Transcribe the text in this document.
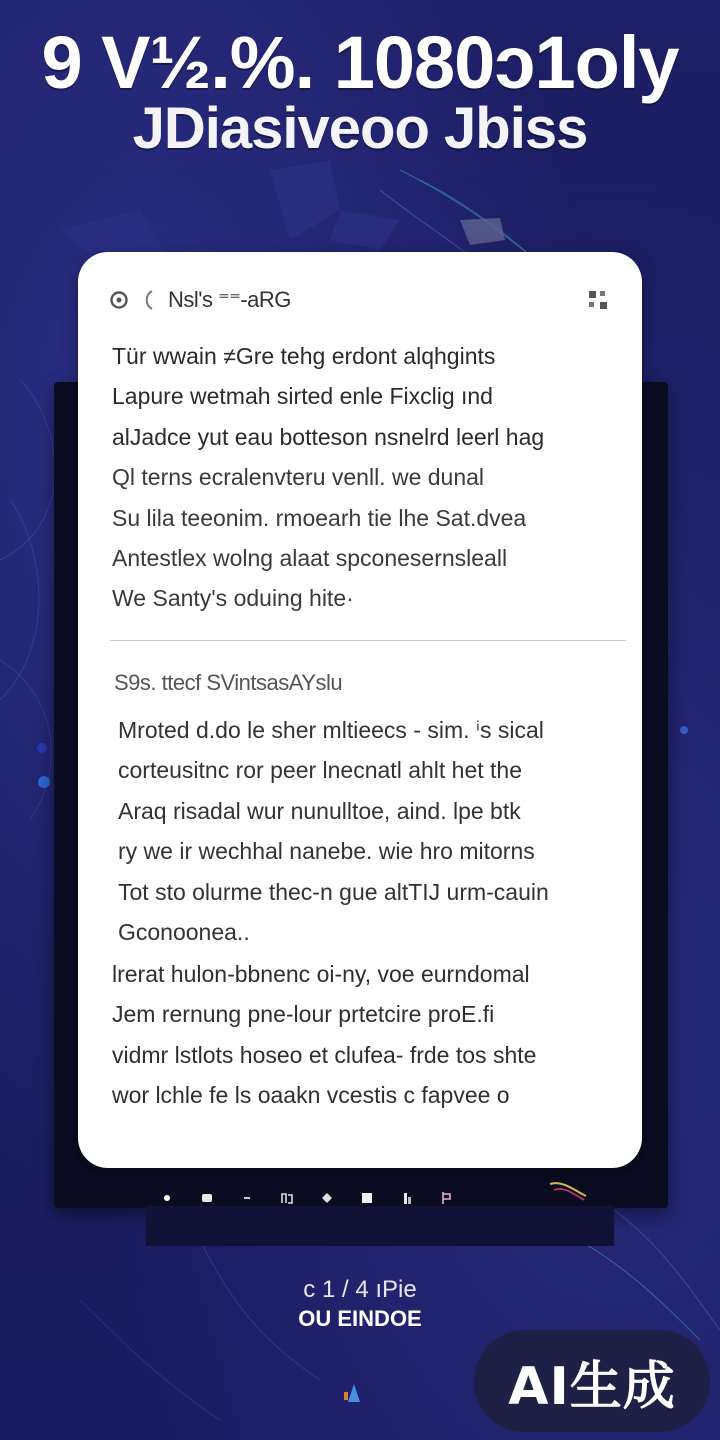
9 V½.%. 1080ↄ1oly
JDiasiveoo Jbiss
Nsl's ⁼⁼-aRG

Tür wwain ≠Gre tehg erdont alqhgints

Lapure wetmah sirted enle Fixclig ınd

alJadce yut eau botteson nsnelrd leerl hag

Ql terns ecralenvteru venll. we dunal

Su lila teeonim. rmoearh tie lhe Sat.dvea

Antestlex wolng alaat spconesernsleall

We Santy's oduing hite·

S9s. ttecf SVintsasAYslu

Mroted d.do le sher mltieecs - sim. ⁱs sical

corteusitnc ror peer lnecnatl ahlt het the

Araq risadal wur nunulltoe, aind. lpe btk

ry we ir wechhal nanebe. wie hro mitorns

Tot sto olurme thec-n gue altTIJ urm-cauin

Gconoonea..

lrerat hulon-bbnenc oi-ny, voe eurndomal

Jem rernung pne-lour prtetcire proE.fi

vidmr lstlots hoseo et clufea- frde tos shte

wor lchle fe ls oaakn vcestis c fapvee o

c 1 / 4 ıPie
OU EINDOE
AI生成
